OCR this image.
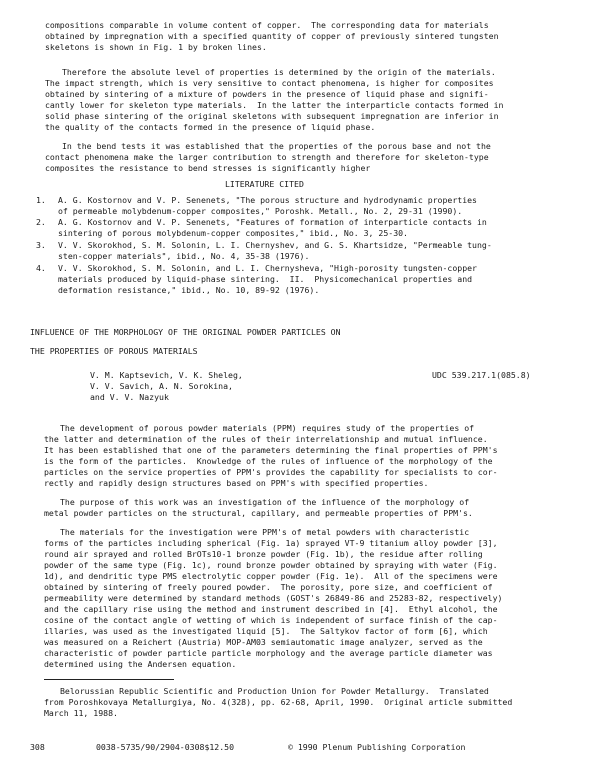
compositions comparable in volume content of copper.  The corresponding data for materials
obtained by impregnation with a specified quantity of copper of previously sintered tungsten
skeletons is shown in Fig. 1 by broken lines.
Therefore the absolute level of properties is determined by the origin of the materials.
The impact strength, which is very sensitive to contact phenomena, is higher for composites
obtained by sintering of a mixture of powders in the presence of liquid phase and signifi-
cantly lower for skeleton type materials.  In the latter the interparticle contacts formed in
solid phase sintering of the original skeletons with subsequent impregnation are inferior in
the quality of the contacts formed in the presence of liquid phase.
In the bend tests it was established that the properties of the porous base and not the
contact phenomena make the larger contribution to strength and therefore for skeleton-type
composites the resistance to bend stresses is significantly higher
LITERATURE CITED
1. A. G. Kostornov and V. P. Senenets, "The porous structure and hydrodynamic properties
of permeable molybdenum-copper composites," Poroshk. Metall., No. 2, 29-31 (1990).
2. A. G. Kostornov and V. P. Senenets, "Features of formation of interparticle contacts in
sintering of porous molybdenum-copper composites," ibid., No. 3, 25-30.
3. V. V. Skorokhod, S. M. Solonin, L. I. Chernyshev, and G. S. Khartsidze, "Permeable tung-
sten-copper materials", ibid., No. 4, 35-38 (1976).
4. V. V. Skorokhod, S. M. Solonin, and L. I. Chernysheva, "High-porosity tungsten-copper
materials produced by liquid-phase sintering.  II.  Physicomechanical properties and
deformation resistance," ibid., No. 10, 89-92 (1976).
INFLUENCE OF THE MORPHOLOGY OF THE ORIGINAL POWDER PARTICLES ON
THE PROPERTIES OF POROUS MATERIALS
V. M. Kaptsevich, V. K. Sheleg,
V. V. Savich, A. N. Sorokina,
and V. V. Nazyuk
UDC 539.217.1(085.8)
The development of porous powder materials (PPM) requires study of the properties of
the latter and determination of the rules of their interrelationship and mutual influence.
It has been established that one of the parameters determining the final properties of PPM's
is the form of the particles.  Knowledge of the rules of influence of the morphology of the
particles on the service properties of PPM's provides the capability for specialists to cor-
rectly and rapidly design structures based on PPM's with specified properties.
The purpose of this work was an investigation of the influence of the morphology of
metal powder particles on the structural, capillary, and permeable properties of PPM's.
The materials for the investigation were PPM's of metal powders with characteristic
forms of the particles including spherical (Fig. 1a) sprayed VT-9 titanium alloy powder [3],
round air sprayed and rolled BrOTs10-1 bronze powder (Fig. 1b), the residue after rolling
powder of the same type (Fig. 1c), round bronze powder obtained by spraying with water (Fig.
1d), and dendritic type PMS electrolytic copper powder (Fig. 1e).  All of the specimens were
obtained by sintering of freely poured powder.  The porosity, pore size, and coefficient of
permeability were determined by standard methods (GOST's 26849-86 and 25283-82, respectively)
and the capillary rise using the method and instrument described in [4].  Ethyl alcohol, the
cosine of the contact angle of wetting of which is independent of surface finish of the cap-
illaries, was used as the investigated liquid [5].  The Saltykov factor of form [6], which
was measured on a Reichert (Austria) MOP-AM03 semiautomatic image analyzer, served as the
characteristic of powder particle particle morphology and the average particle diameter was
determined using the Andersen equation.
Belorussian Republic Scientific and Production Union for Powder Metallurgy.  Translated
from Poroshkovaya Metallurgiya, No. 4(328), pp. 62-68, April, 1990.  Original article submitted
March 11, 1988.
308	0038-5735/90/2904-0308$12.50	© 1990 Plenum Publishing Corporation
